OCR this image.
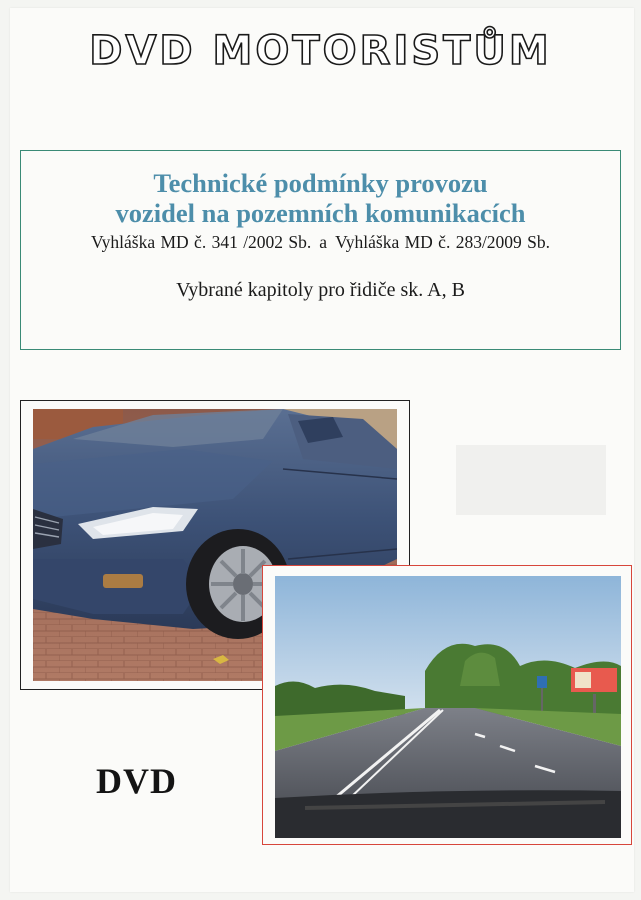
DVD MOTORISTŮM
Technické podmínky provozu
vozidel na pozemních komunikacích
Vyhláška MD č. 341 /2002 Sb. a Vyhláška MD č. 283/2009 Sb.
Vybrané kapitoly pro řidiče sk. A, B
DVD
